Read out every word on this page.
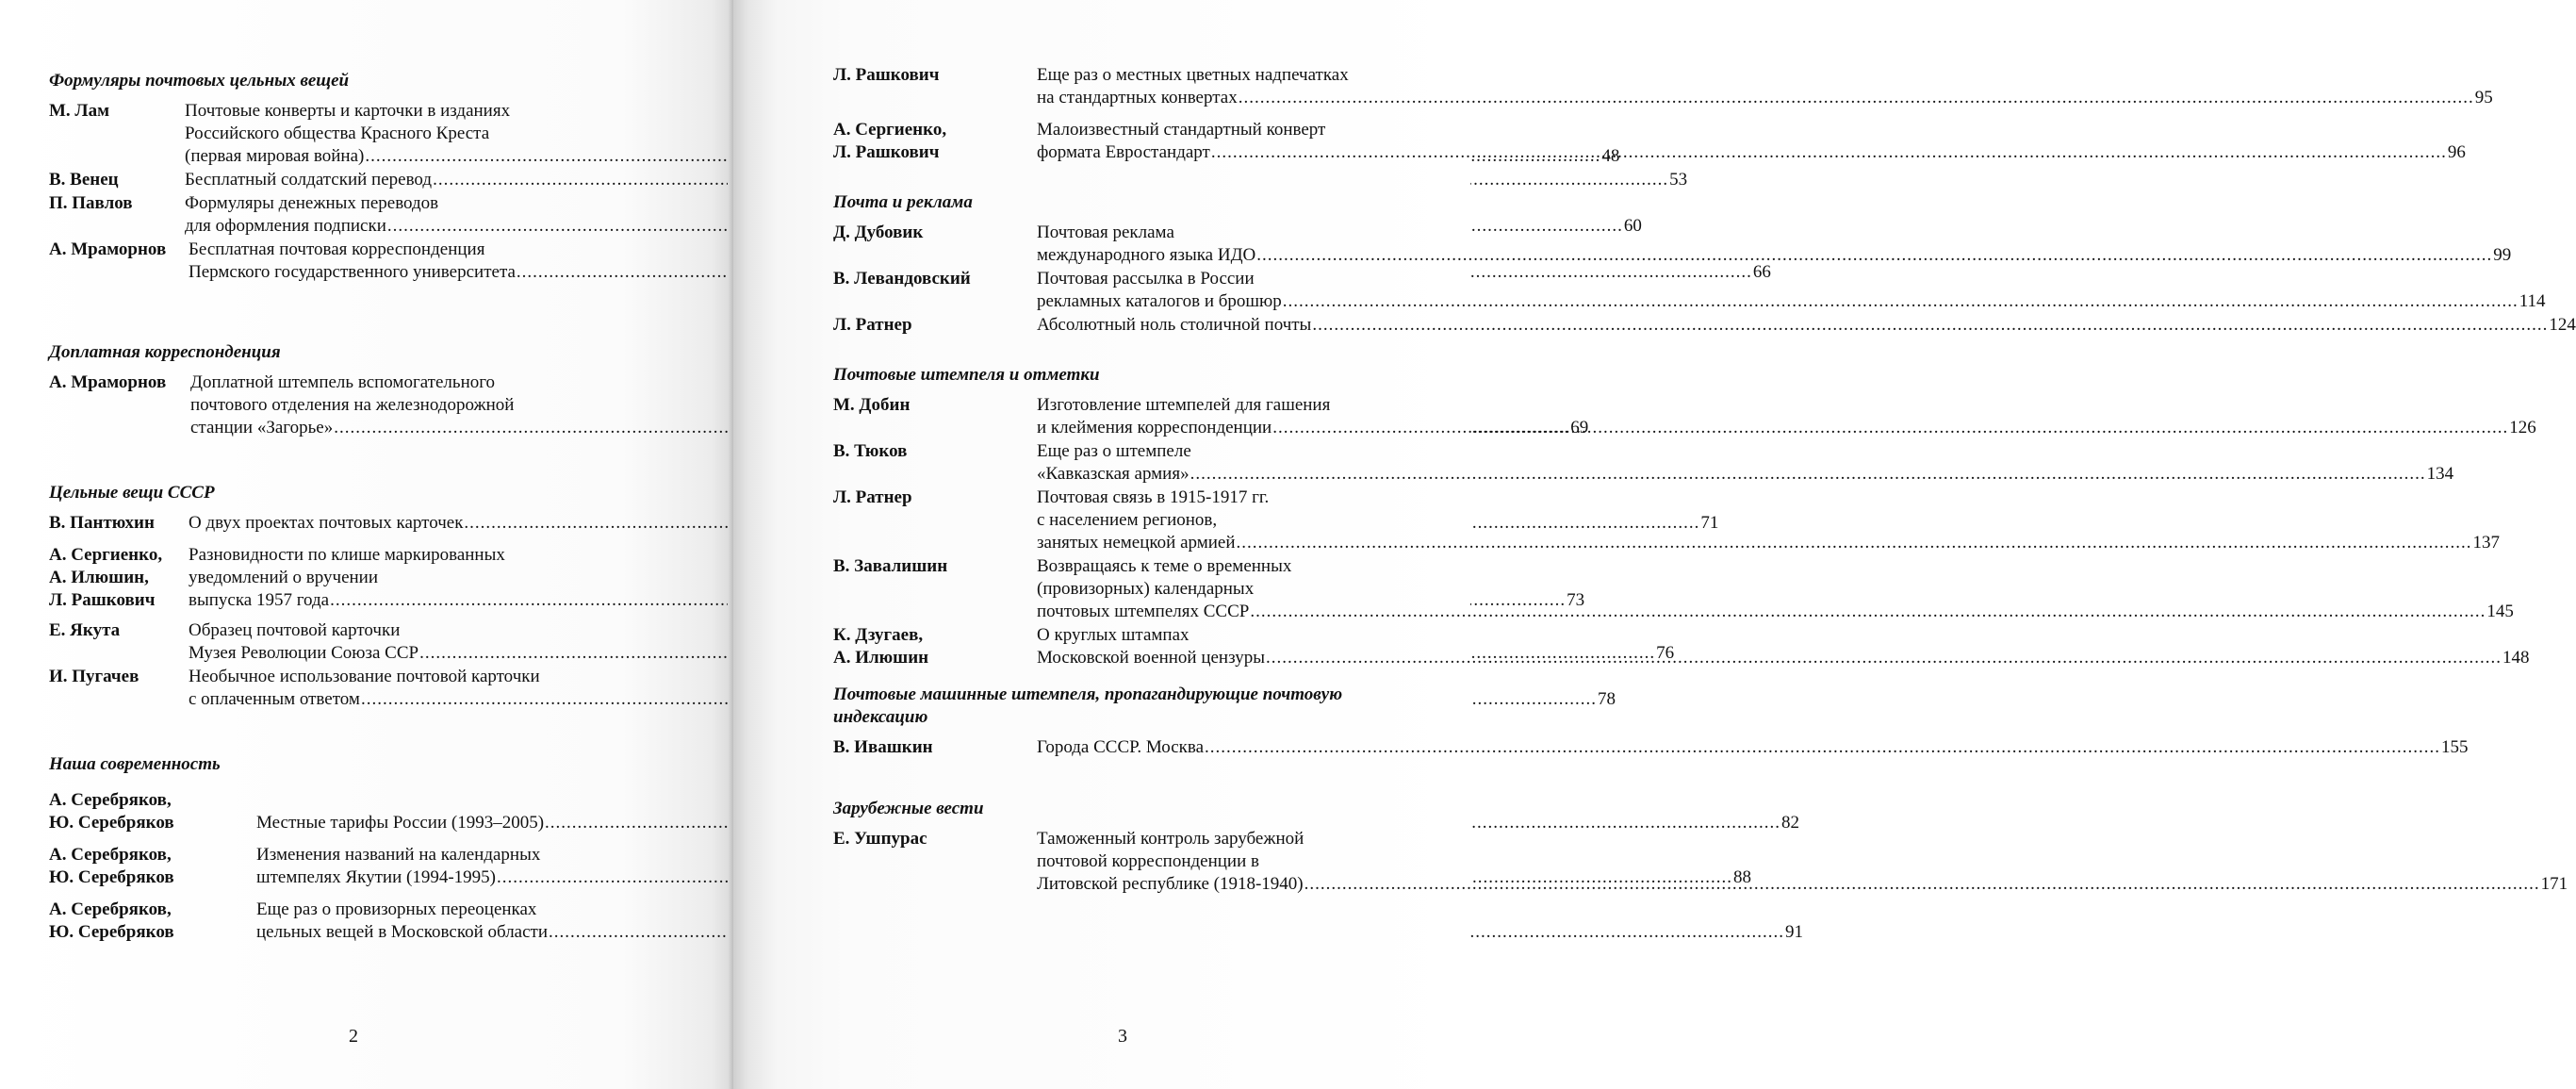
Формуляры почтовых цельных вещей
М. Лам	Почтовые конверты и карточки в изданиях
Российского общества Красного Креста
(первая мировая война) .....	48
В. Венец	Бесплатный солдатский перевод .....	53
П. Павлов	Формуляры денежных переводов
для оформления подписки .....	60
А. Мраморнов	Бесплатная почтовая корреспонденция
Пермского государственного университета .....	66
Доплатная корреспонденция
А. Мраморнов	Доплатной штемпель вспомогательного
почтового отделения на железнодорожной
станции «Загорье» .....	69
Цельные вещи СССР
В. Пантюхин	О двух проектах почтовых карточек .....	71
А. Сергиенко,
А. Илюшин,
Л. Рашкович
Разновидности по клише маркированных
уведомлений о вручении
выпуска 1957 года .....	73
Е. Якута	Образец почтовой карточки
Музея Революции Союза ССР .....	76
И. Пугачев	Необычное использование почтовой карточки
с оплаченным ответом .....	78
Наша современность
А. Серебряков,
Ю. Серебряков	Местные тарифы России (1993–2005) .....	82
А. Серебряков,
Ю. Серебряков
Изменения названий на календарных
штемпелях Якутии (1994-1995) .....	88
А. Серебряков,
Ю. Серебряков
Еще раз о провизорных переоценках
цельных вещей в Московской области .....	91
2
Л. Рашкович	Еще раз о местных цветных надпечатках
на стандартных конвертах .....	95
А. Сергиенко,
Л. Рашкович
Малоизвестный стандартный конверт
формата Евростандарт .....	96
Почта и реклама
Д. Дубовик	Почтовая реклама
международного языка ИДО .....	99
В. Левандовский	Почтовая рассылка в России
рекламных каталогов и брошюр .....	114
Л. Ратнер	Абсолютный ноль столичной почты .....	124
Почтовые штемпеля и отметки
М. Добин	Изготовление штемпелей для гашения
и клеймения корреспонденции .....	126
В. Тюков	Еще раз о штемпеле
«Кавказская армия» .....	134
Л. Ратнер	Почтовая связь в 1915-1917 гг.
с населением регионов,
занятых немецкой армией .....	137
В. Завалишин	Возвращаясь к теме о временных
(провизорных) календарных
почтовых штемпелях СССР .....	145
К. Дзугаев,
А. Илюшин
О круглых штампах
Московской военной цензуры .....	148
Почтовые машинные штемпеля, пропагандирующие почтовую индексацию
В. Ивашкин	Города СССР. Москва .....	155
Зарубежные вести
Е. Ушпурас	Таможенный контроль зарубежной
почтовой корреспонденции в
Литовской республике (1918-1940) .....	171
3
